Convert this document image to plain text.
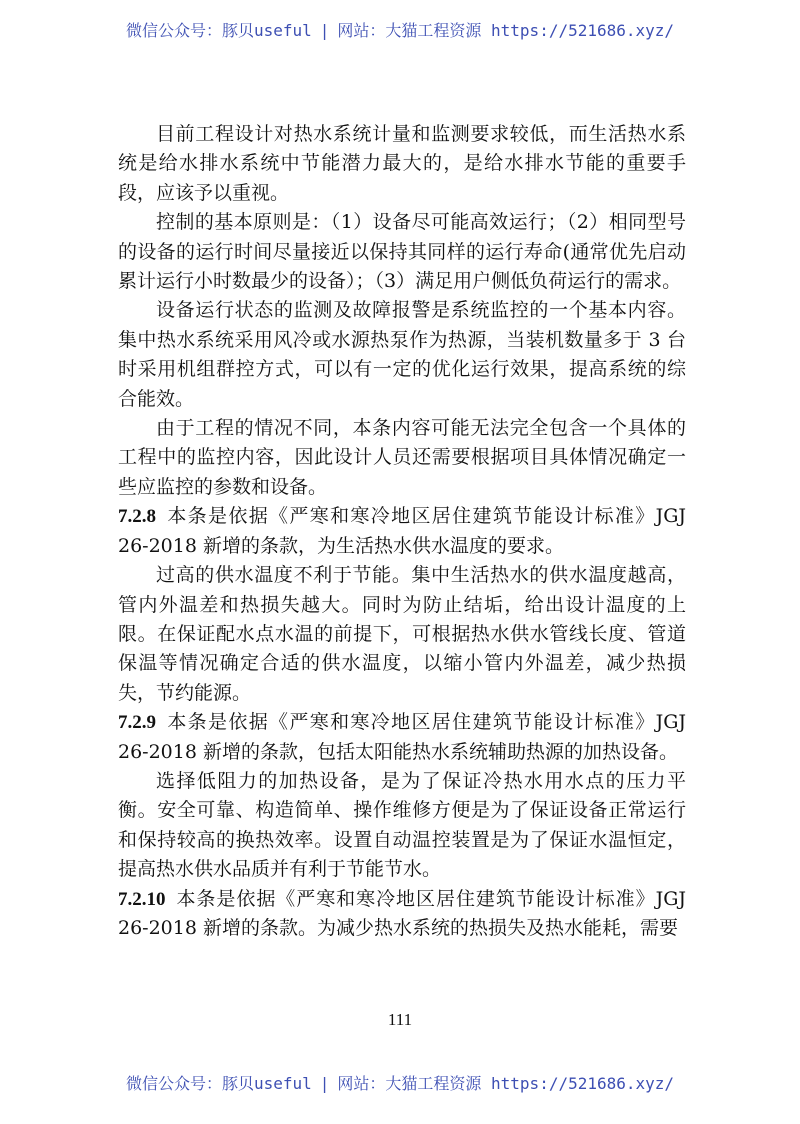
微信公众号：豚贝useful | 网站：大猫工程资源 https://521686.xyz/

目前工程设计对热水系统计量和监测要求较低，而生活热水系统是给水排水系统中节能潜力最大的，是给水排水节能的重要手段，应该予以重视。

控制的基本原则是：（1）设备尽可能高效运行；（2）相同型号的设备的运行时间尽量接近以保持其同样的运行寿命(通常优先启动累计运行小时数最少的设备）；（3）满足用户侧低负荷运行的需求。

设备运行状态的监测及故障报警是系统监控的一个基本内容。集中热水系统采用风冷或水源热泵作为热源，当装机数量多于 3 台时采用机组群控方式，可以有一定的优化运行效果，提高系统的综合能效。

由于工程的情况不同，本条内容可能无法完全包含一个具体的工程中的监控内容，因此设计人员还需要根据项目具体情况确定一些应监控的参数和设备。

7.2.8 本条是依据《严寒和寒冷地区居住建筑节能设计标准》JGJ 26-2018 新增的条款，为生活热水供水温度的要求。

过高的供水温度不利于节能。集中生活热水的供水温度越高，管内外温差和热损失越大。同时为防止结垢，给出设计温度的上限。在保证配水点水温的前提下，可根据热水供水管线长度、管道保温等情况确定合适的供水温度，以缩小管内外温差，减少热损失，节约能源。

7.2.9 本条是依据《严寒和寒冷地区居住建筑节能设计标准》JGJ 26-2018 新增的条款，包括太阳能热水系统辅助热源的加热设备。

选择低阻力的加热设备，是为了保证冷热水用水点的压力平衡。安全可靠、构造简单、操作维修方便是为了保证设备正常运行和保持较高的换热效率。设置自动温控装置是为了保证水温恒定，提高热水供水品质并有利于节能节水。

7.2.10 本条是依据《严寒和寒冷地区居住建筑节能设计标准》JGJ 26-2018 新增的条款。为减少热水系统的热损失及热水能耗，需要

111
微信公众号：豚贝useful | 网站：大猫工程资源 https://521686.xyz/
